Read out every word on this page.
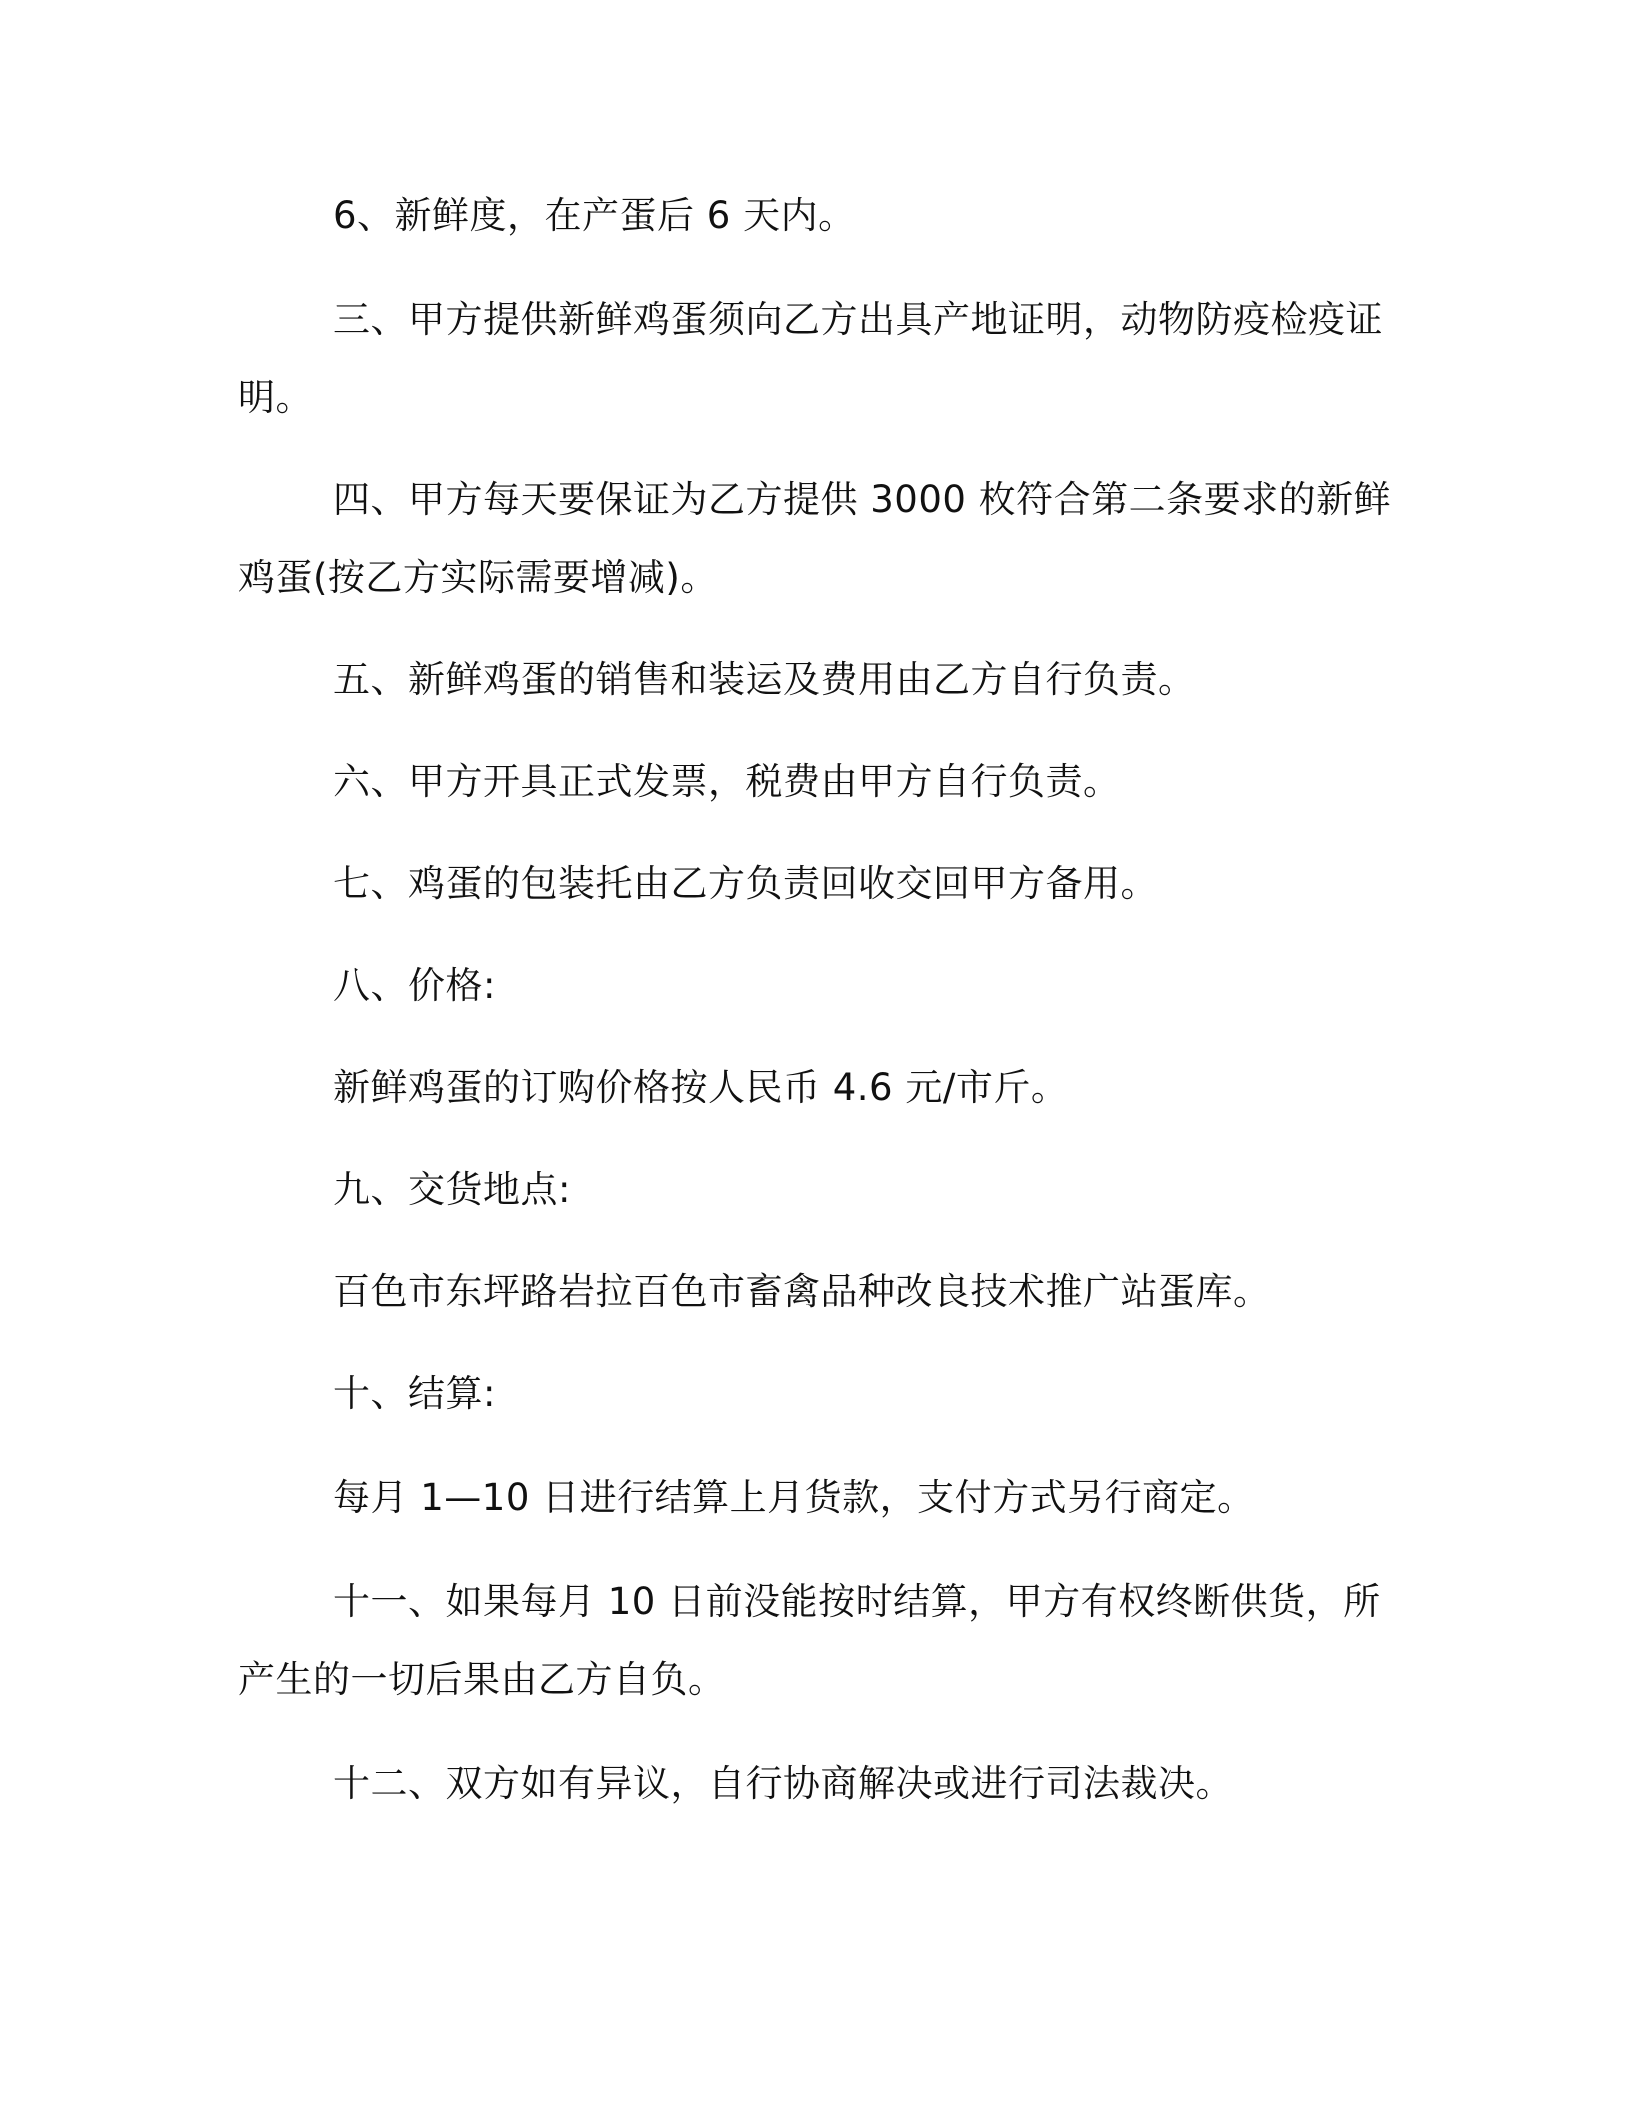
6、新鲜度，在产蛋后 6 天内。
三、甲方提供新鲜鸡蛋须向乙方出具产地证明，动物防疫检疫证
明。
四、甲方每天要保证为乙方提供 3000 枚符合第二条要求的新鲜
鸡蛋(按乙方实际需要增减)。
五、新鲜鸡蛋的销售和装运及费用由乙方自行负责。
六、甲方开具正式发票，税费由甲方自行负责。
七、鸡蛋的包装托由乙方负责回收交回甲方备用。
八、价格:
新鲜鸡蛋的订购价格按人民币 4.6 元/市斤。
九、交货地点:
百色市东坪路岩拉百色市畜禽品种改良技术推广站蛋库。
十、结算:
每月 1—10 日进行结算上月货款，支付方式另行商定。
十一、如果每月 10 日前没能按时结算，甲方有权终断供货，所
产生的一切后果由乙方自负。
十二、双方如有异议，自行协商解决或进行司法裁决。
